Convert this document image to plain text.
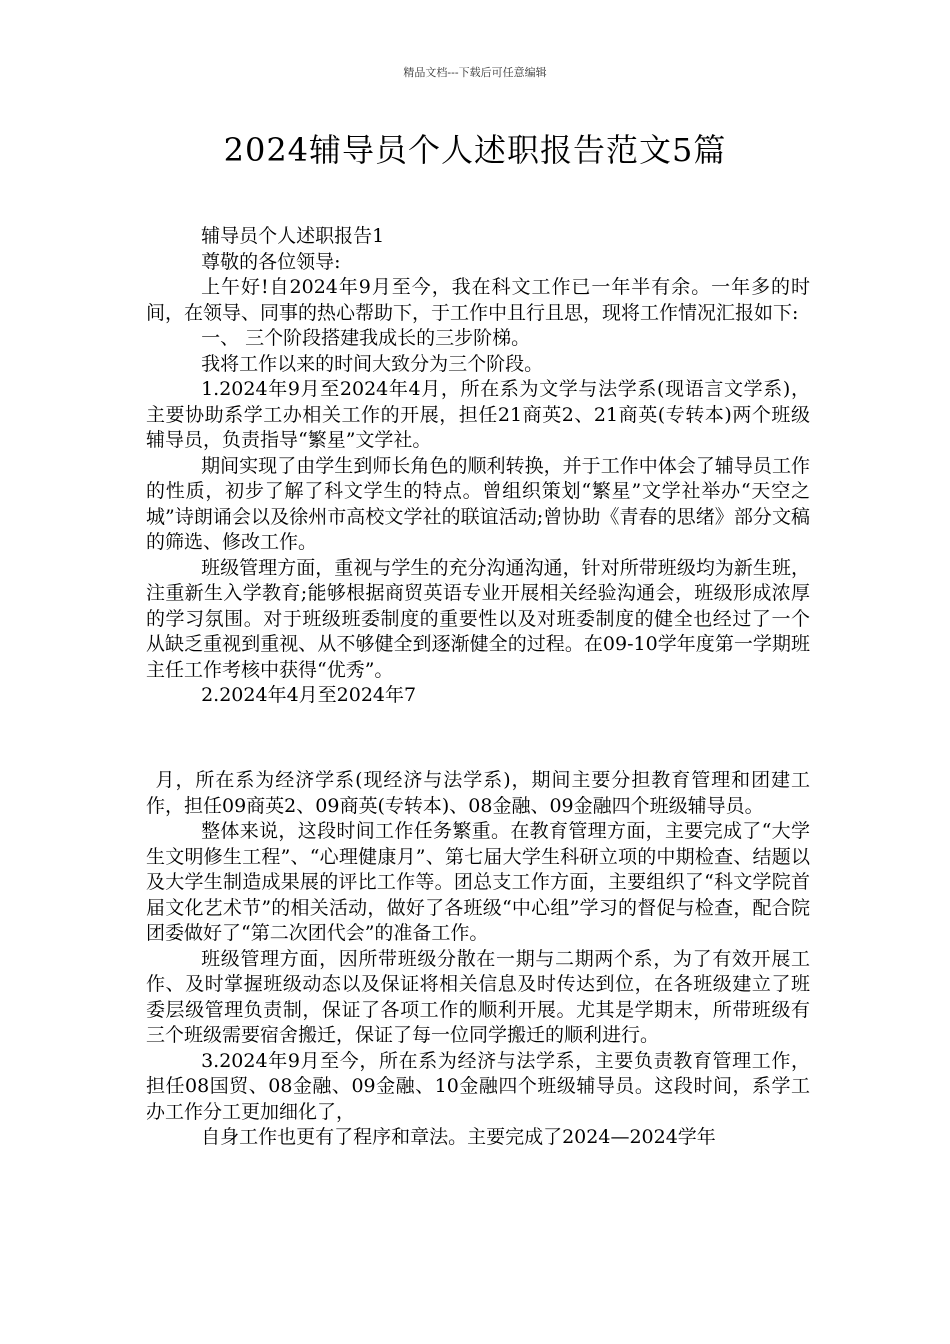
精品文档---下载后可任意编辑
2024辅导员个人述职报告范文5篇

辅导员个人述职报告1

尊敬的各位领导:

上午好!自2024年9月至今，我在科文工作已一年半有余。一年多的时间，在领导、同事的热心帮助下，于工作中且行且思，现将工作情况汇报如下:

一、 三个阶段搭建我成长的三步阶梯。

我将工作以来的时间大致分为三个阶段。

1.2024年9月至2024年4月，所在系为文学与法学系(现语言文学系)，主要协助系学工办相关工作的开展，担任21商英2、21商英(专转本)两个班级辅导员，负责指导“繁星”文学社。

期间实现了由学生到师长角色的顺利转换，并于工作中体会了辅导员工作的性质，初步了解了科文学生的特点。曾组织策划“繁星”文学社举办“天空之城”诗朗诵会以及徐州市高校文学社的联谊活动;曾协助《青春的思绪》部分文稿的筛选、修改工作。

班级管理方面，重视与学生的充分沟通沟通，针对所带班级均为新生班，注重新生入学教育;能够根据商贸英语专业开展相关经验沟通会，班级形成浓厚的学习氛围。对于班级班委制度的重要性以及对班委制度的健全也经过了一个从缺乏重视到重视、从不够健全到逐渐健全的过程。在09-10学年度第一学期班主任工作考核中获得“优秀”。

2.2024年4月至2024年7

月，所在系为经济学系(现经济与法学系)，期间主要分担教育管理和团建工作，担任09商英2、09商英(专转本)、08金融、09金融四个班级辅导员。

整体来说，这段时间工作任务繁重。在教育管理方面，主要完成了“大学生文明修生工程”、“心理健康月”、第七届大学生科研立项的中期检查、结题以及大学生制造成果展的评比工作等。团总支工作方面，主要组织了“科文学院首届文化艺术节”的相关活动，做好了各班级“中心组”学习的督促与检查，配合院团委做好了“第二次团代会”的准备工作。

班级管理方面，因所带班级分散在一期与二期两个系，为了有效开展工作、及时掌握班级动态以及保证将相关信息及时传达到位，在各班级建立了班委层级管理负责制，保证了各项工作的顺利开展。尤其是学期末，所带班级有三个班级需要宿舍搬迁，保证了每一位同学搬迁的顺利进行。

3.2024年9月至今，所在系为经济与法学系，主要负责教育管理工作，担任08国贸、08金融、09金融、10金融四个班级辅导员。这段时间，系学工办工作分工更加细化了，

自身工作也更有了程序和章法。主要完成了2024—2024学年
